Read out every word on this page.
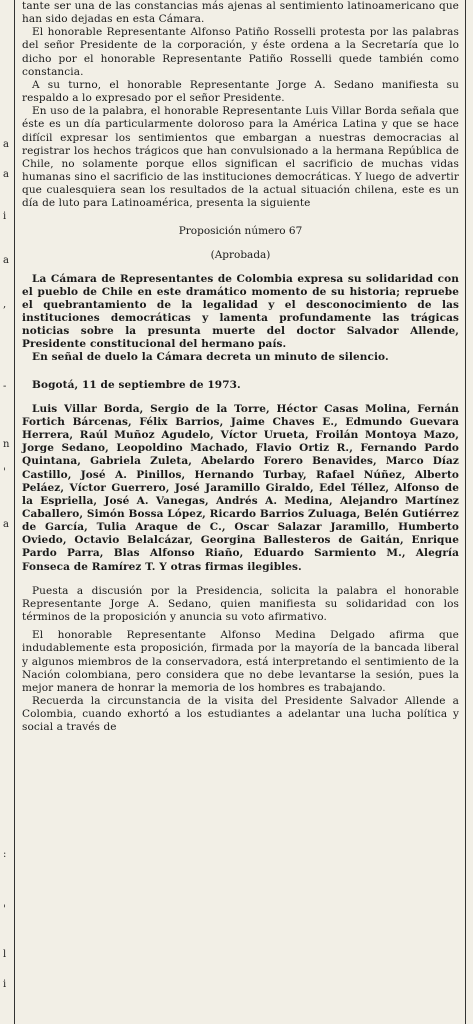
a
a
i
a
,
-
n
'
a
:
'
l
i

tante ser una de las constancias más ajenas al sentimiento latinoamericano que han sido dejadas en esta Cámara.

El honorable Representante Alfonso Patiño Rosselli protesta por las palabras del señor Presidente de la corporación, y éste ordena a la Secretaría que lo dicho por el honorable Representante Patiño Rosselli quede también como constancia.

A su turno, el honorable Representante Jorge A. Sedano manifiesta su respaldo a lo expresado por el señor Presidente.

En uso de la palabra, el honorable Representante Luis Villar Borda señala que éste es un día particularmente doloroso para la América Latina y que se hace difícil expresar los sentimientos que embargan a nuestras democracias al registrar los hechos trágicos que han convulsionado a la hermana República de Chile, no solamente porque ellos significan el sacrificio de muchas vidas humanas sino el sacrificio de las instituciones democráticas. Y luego de advertir que cualesquiera sean los resultados de la actual situación chilena, este es un día de luto para Latinoamérica, presenta la siguiente

Proposición número 67

(Aprobada)

La Cámara de Representantes de Colombia expresa su solidaridad con el pueblo de Chile en este dramático momento de su historia; repruebe el quebrantamiento de la legalidad y el desconocimiento de las instituciones democráticas y lamenta profundamente las trágicas noticias sobre la presunta muerte del doctor Salvador Allende, Presidente constitucional del hermano país.

En señal de duelo la Cámara decreta un minuto de silencio.

Bogotá, 11 de septiembre de 1973.

Luis Villar Borda, Sergio de la Torre, Héctor Casas Molina, Fernán Fortich Bárcenas, Félix Barrios, Jaime Chaves E., Edmundo Guevara Herrera, Raúl Muñoz Agudelo, Víctor Urueta, Froilán Montoya Mazo, Jorge Sedano, Leopoldino Machado, Flavio Ortiz R., Fernando Pardo Quintana, Gabriela Zuleta, Abelardo Forero Benavides, Marco Díaz Castillo, José A. Pinillos, Hernando Turbay, Rafael Núñez, Alberto Peláez, Víctor Guerrero, José Jaramillo Giraldo, Edel Téllez, Alfonso de la Espriella, José A. Vanegas, Andrés A. Medina, Alejandro Martínez Caballero, Simón Bossa López, Ricardo Barrios Zuluaga, Belén Gutiérrez de García, Tulia Araque de C., Oscar Salazar Jaramillo, Humberto Oviedo, Octavio Belalcázar, Georgina Ballesteros de Gaitán, Enrique Pardo Parra, Blas Alfonso Riaño, Eduardo Sarmiento M., Alegría Fonseca de Ramírez T. Y otras firmas ilegibles.

Puesta a discusión por la Presidencia, solicita la palabra el honorable Representante Jorge A. Sedano, quien manifiesta su solidaridad con los términos de la proposición y anuncia su voto afirmativo.

El honorable Representante Alfonso Medina Delgado afirma que indudablemente esta proposición, firmada por la mayoría de la bancada liberal y algunos miembros de la conservadora, está interpretando el sentimiento de la Nación colombiana, pero considera que no debe levantarse la sesión, pues la mejor manera de honrar la memoria de los hombres es trabajando.

Recuerda la circunstancia de la visita del Presidente Salvador Allende a Colombia, cuando exhortó a los estudiantes a adelantar una lucha política y social a través de
